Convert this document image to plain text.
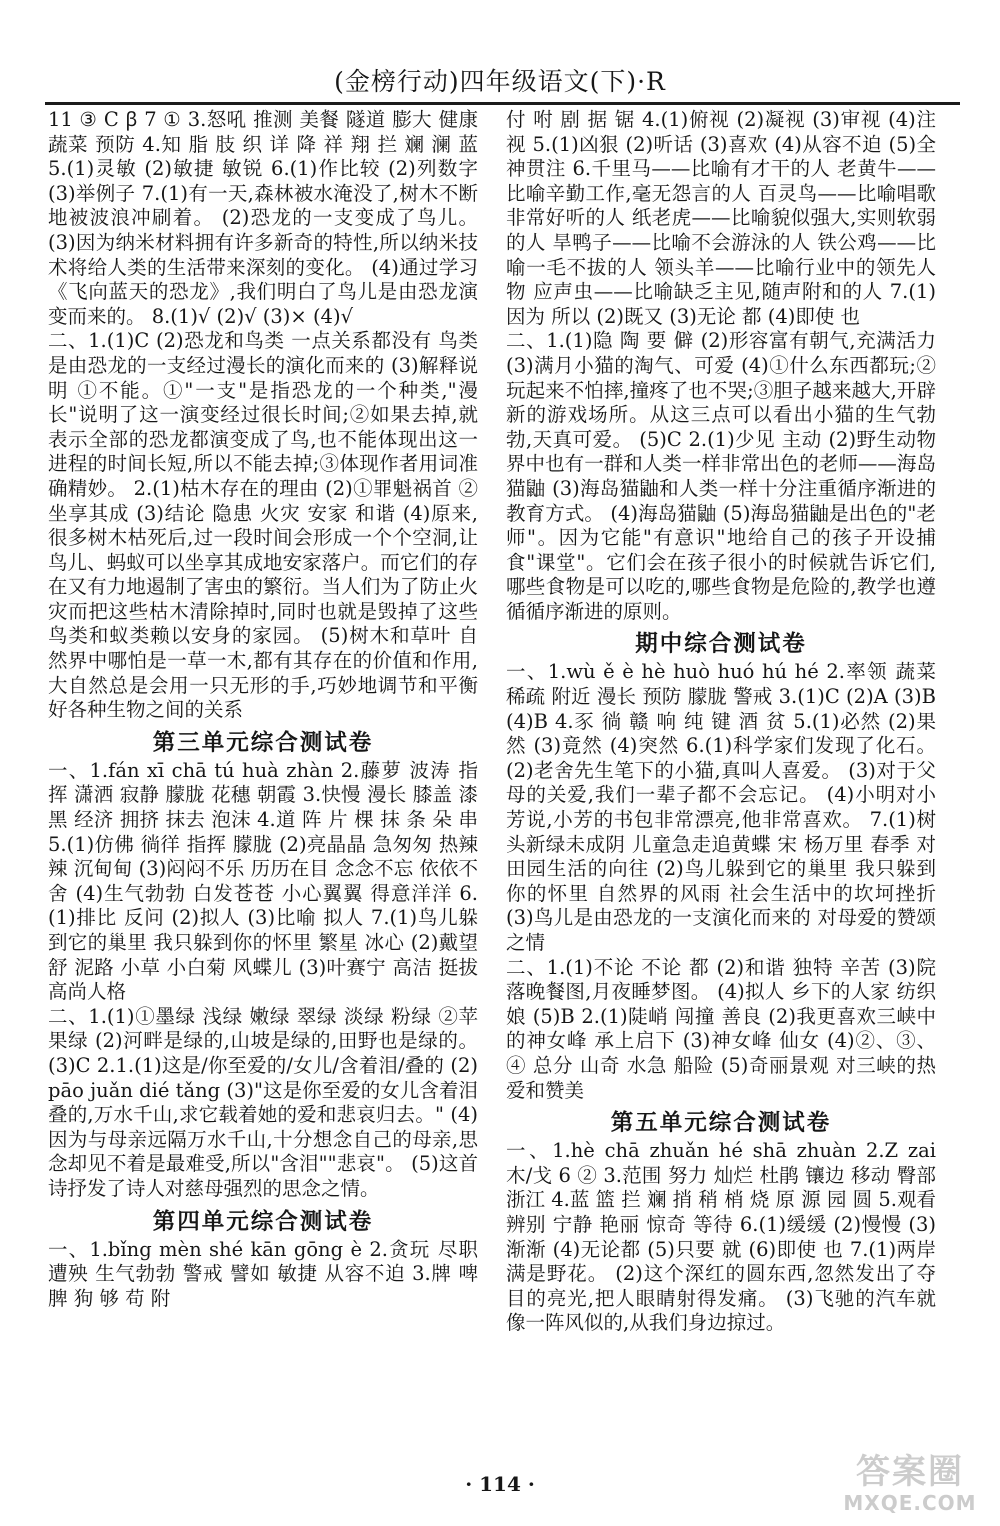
(金榜行动)四年级语文(下)·R

11 ③ C ꞵ 7 ① 3.怒吼 推测 美餐 隧道 膨大 健康 蔬菜 预防 4.知 脂 肢 织 详 降 祥 翔 拦 斓 澜 蓝 5.(1)灵敏 (2)敏捷 敏锐 6.(1)作比较 (2)列数字 (3)举例子 7.(1)有一天,森林被水淹没了,树木不断地被波浪冲刷着。 (2)恐龙的一支变成了鸟儿。 (3)因为纳米材料拥有许多新奇的特性,所以纳米技术将给人类的生活带来深刻的变化。 (4)通过学习《飞向蓝天的恐龙》,我们明白了鸟儿是由恐龙演变而来的。 8.(1)√ (2)√ (3)× (4)√

二、1.(1)C (2)恐龙和鸟类 一点关系都没有 鸟类是由恐龙的一支经过漫长的演化而来的 (3)解释说明 ①不能。①"一支"是指恐龙的一个种类,"漫长"说明了这一演变经过很长时间;②如果去掉,就表示全部的恐龙都演变成了鸟,也不能体现出这一进程的时间长短,所以不能去掉;③体现作者用词准确精妙。 2.(1)枯木存在的理由 (2)①罪魁祸首 ②坐享其成 (3)结论 隐患 火灾 安家 和谐 (4)原来,很多树木枯死后,过一段时间会形成一个个空洞,让鸟儿、蚂蚁可以坐享其成地安家落户。而它们的存在又有力地遏制了害虫的繁衍。当人们为了防止火灾而把这些枯木清除掉时,同时也就是毁掉了这些鸟类和蚁类赖以安身的家园。 (5)树木和草叶 自然界中哪怕是一草一木,都有其存在的价值和作用,大自然总是会用一只无形的手,巧妙地调节和平衡好各种生物之间的关系

第三单元综合测试卷

一、1.fán xī chā tú huà zhàn 2.藤萝 波涛 指挥 潇洒 寂静 朦胧 花穗 朝霞 3.快慢 漫长 膝盖 漆黑 经济 拥挤 抹去 泡沫 4.道 阵 片 棵 抹 条 朵 串 5.(1)仿佛 徜徉 指挥 朦胧 (2)亮晶晶 急匆匆 热辣辣 沉甸甸 (3)闷闷不乐 历历在目 念念不忘 依依不舍 (4)生气勃勃 白发苍苍 小心翼翼 得意洋洋 6.(1)排比 反问 (2)拟人 (3)比喻 拟人 7.(1)鸟儿躲到它的巢里 我只躲到你的怀里 繁星 冰心 (2)戴望舒 泥路 小草 小白菊 风蝶儿 (3)叶赛宁 高洁 挺拔 高尚人格

二、1.(1)①墨绿 浅绿 嫩绿 翠绿 淡绿 粉绿 ②苹果绿 (2)河畔是绿的,山坡是绿的,田野也是绿的。 (3)C 2.1.(1)这是/你至爱的/女儿/含着泪/叠的 (2)pāo juǎn dié tǎng (3)"这是你至爱的女儿含着泪叠的,万水千山,求它载着她的爱和悲哀归去。" (4)因为与母亲远隔万水千山,十分想念自己的母亲,思念却见不着是最难受,所以"含泪""悲哀"。 (5)这首诗抒发了诗人对慈母强烈的思念之情。

第四单元综合测试卷

一、1.bǐng mèn shé kān gōng è 2.贪玩 尽职 遭殃 生气勃勃 警戒 譬如 敏捷 从容不迫 3.牌 啤 脾 狗 够 苟 附

付 咐 剧 据 锯 4.(1)俯视 (2)凝视 (3)审视 (4)注视 5.(1)凶狠 (2)听话 (3)喜欢 (4)从容不迫 (5)全神贯注 6.千里马——比喻有才干的人 老黄牛——比喻辛勤工作,毫无怨言的人 百灵鸟——比喻唱歌非常好听的人 纸老虎——比喻貌似强大,实则软弱的人 旱鸭子——比喻不会游泳的人 铁公鸡——比喻一毛不拔的人 领头羊——比喻行业中的领先人物 应声虫——比喻缺乏主见,随声附和的人 7.(1)因为 所以 (2)既又 (3)无论 都 (4)即使 也

二、1.(1)隐 陶 要 僻 (2)形容富有朝气,充满活力 (3)满月小猫的淘气、可爱 (4)①什么东西都玩;②玩起来不怕摔,撞疼了也不哭;③胆子越来越大,开辟新的游戏场所。从这三点可以看出小猫的生气勃勃,天真可爱。 (5)C 2.(1)少见 主动 (2)野生动物界中也有一群和人类一样非常出色的老师——海岛猫鼬 (3)海岛猫鼬和人类一样十分注重循序渐进的教育方式。 (4)海岛猫鼬 (5)海岛猫鼬是出色的"老师"。因为它能"有意识"地给自己的孩子开设捕食"课堂"。它们会在孩子很小的时候就告诉它们,哪些食物是可以吃的,哪些食物是危险的,教学也遵循循序渐进的原则。

期中综合测试卷

一、1.wù ě è hè huò huó hú hé 2.率领 蔬菜 稀疏 附近 漫长 预防 朦胧 警戒 3.(1)C (2)A (3)B (4)B 4.豕 徜 赣 响 纯 键 酒 贫 5.(1)必然 (2)果然 (3)竟然 (4)突然 6.(1)科学家们发现了化石。 (2)老舍先生笔下的小猫,真叫人喜爱。 (3)对于父母的关爱,我们一辈子都不会忘记。 (4)小明对小芳说,小芳的书包非常漂亮,他非常喜欢。 7.(1)树头新绿未成阴 儿童急走追黄蝶 宋 杨万里 春季 对田园生活的向往 (2)鸟儿躲到它的巢里 我只躲到你的怀里 自然界的风雨 社会生活中的坎坷挫折 (3)鸟儿是由恐龙的一支演化而来的 对母爱的赞颂之情

二、1.(1)不论 不论 都 (2)和谐 独特 辛苦 (3)院落晚餐图,月夜睡梦图。 (4)拟人 乡下的人家 纺织娘 (5)B 2.(1)陡峭 闯撞 善良 (2)我更喜欢三峡中的神女峰 承上启下 (3)神女峰 仙女 (4)②、③、④ 总分 山奇 水急 船险 (5)奇丽景观 对三峡的热爱和赞美

第五单元综合测试卷

一、1.hè chā zhuǎn hé shā zhuàn 2.Z zai 木/戈 6 ② 3.范围 努力 灿烂 杜鹃 镶边 移动 臀部 浙江 4.蓝 篮 拦 斓 捎 稍 梢 烧 原 源 园 圆 5.观看 辨别 宁静 艳丽 惊奇 等待 6.(1)缓缓 (2)慢慢 (3)渐渐 (4)无论都 (5)只要 就 (6)即使 也 7.(1)两岸满是野花。 (2)这个深红的圆东西,忽然发出了夺目的亮光,把人眼睛射得发痛。 (3)飞驰的汽车就像一阵风似的,从我们身边掠过。

· 114 ·	答案圈
MXQE.COM
